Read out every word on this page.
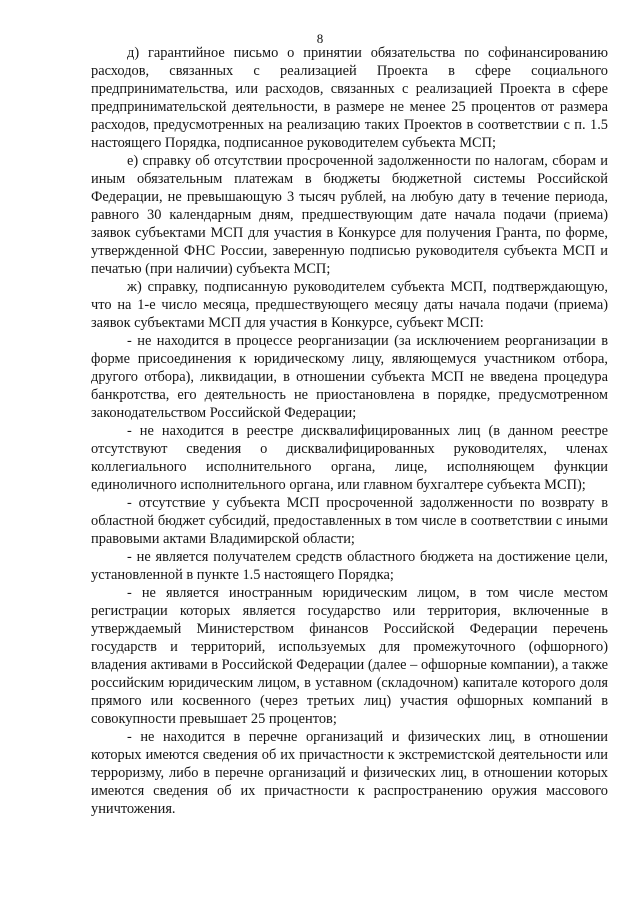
8

д) гарантийное письмо о принятии обязательства по софинансированию расходов, связанных с реализацией Проекта в сфере социального предпринимательства, или расходов, связанных с реализацией Проекта в сфере предпринимательской деятельности, в размере не менее 25 процентов от размера расходов, предусмотренных на реализацию таких Проектов в соответствии с п. 1.5 настоящего Порядка, подписанное руководителем субъекта МСП;

е) справку об отсутствии просроченной задолженности по налогам, сборам и иным обязательным платежам в бюджеты бюджетной системы Российской Федерации, не превышающую 3 тысяч рублей, на любую дату в течение периода, равного 30 календарным дням, предшествующим дате начала подачи (приема) заявок субъектами МСП для участия в Конкурсе для получения Гранта, по форме, утвержденной ФНС России, заверенную подписью руководителя субъекта МСП и печатью (при наличии) субъекта МСП;

ж) справку, подписанную руководителем субъекта МСП, подтверждающую, что на 1-е число месяца, предшествующего месяцу даты начала подачи (приема) заявок субъектами МСП для участия в Конкурсе, субъект МСП:

- не находится в процессе реорганизации (за исключением реорганизации в форме присоединения к юридическому лицу, являющемуся участником отбора, другого отбора), ликвидации, в отношении субъекта МСП не введена процедура банкротства, его деятельность не приостановлена в порядке, предусмотренном законодательством Российской Федерации;

- не находится в реестре дисквалифицированных лиц (в данном реестре отсутствуют сведения о дисквалифицированных руководителях, членах коллегиального исполнительного органа, лице, исполняющем функции единоличного исполнительного органа, или главном бухгалтере субъекта МСП);

- отсутствие у субъекта МСП просроченной задолженности по возврату в областной бюджет субсидий, предоставленных в том числе в соответствии с иными правовыми актами Владимирской области;

- не является получателем средств областного бюджета на достижение цели, установленной в пункте 1.5 настоящего Порядка;

- не является иностранным юридическим лицом, в том числе местом регистрации которых является государство или территория, включенные в утверждаемый Министерством финансов Российской Федерации перечень государств и территорий, используемых для промежуточного (офшорного) владения активами в Российской Федерации (далее – офшорные компании), а также российским юридическим лицом, в уставном (складочном) капитале которого доля прямого или косвенного (через третьих лиц) участия офшорных компаний в совокупности превышает 25 процентов;

- не находится в перечне организаций и физических лиц, в отношении которых имеются сведения об их причастности к экстремистской деятельности или терроризму, либо в перечне организаций и физических лиц, в отношении которых имеются сведения об их причастности к распространению оружия массового уничтожения.
